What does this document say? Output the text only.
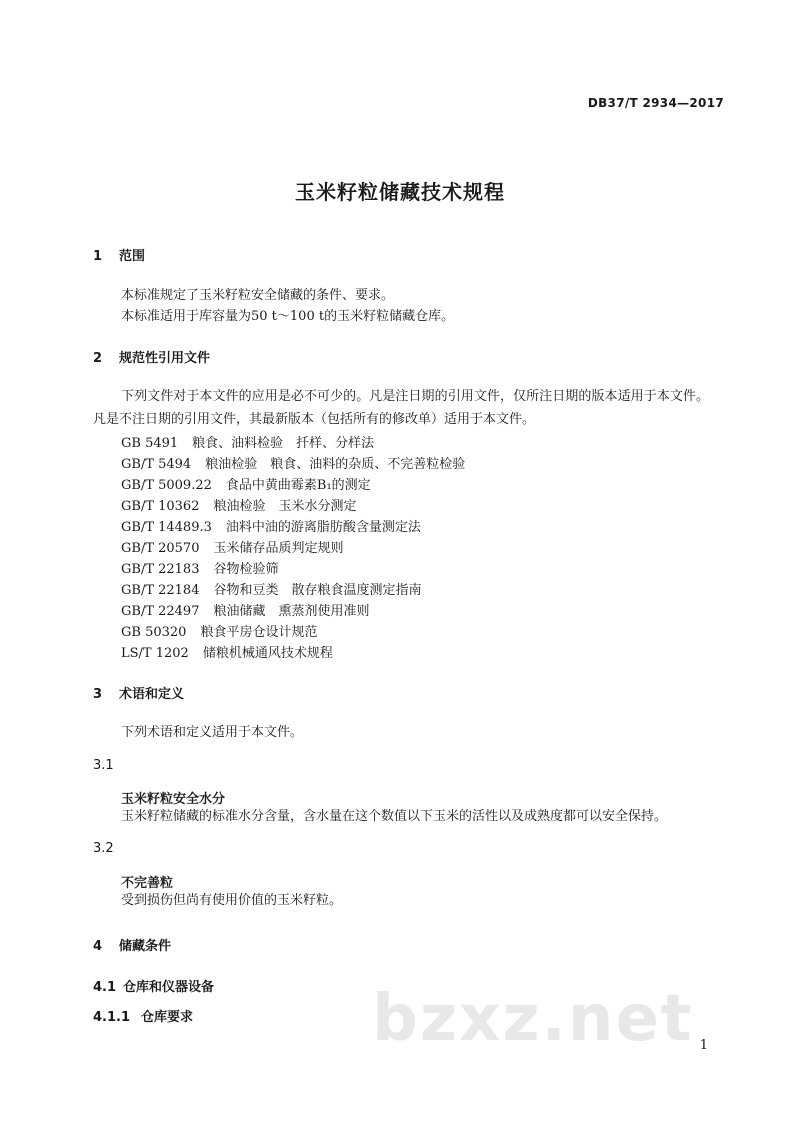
DB37/T 2934—2017
玉米籽粒储藏技术规程
1 范围
本标准规定了玉米籽粒安全储藏的条件、要求。
本标准适用于库容量为50 t～100 t的玉米籽粒储藏仓库。
2 规范性引用文件
下列文件对于本文件的应用是必不可少的。凡是注日期的引用文件，仅所注日期的版本适用于本文件。凡是不注日期的引用文件，其最新版本（包括所有的修改单）适用于本文件。
GB 5491 粮食、油料检验　扦样、分样法
GB/T 5494 粮油检验　粮食、油料的杂质、不完善粒检验
GB/T 5009.22 食品中黄曲霉素B₁的测定
GB/T 10362 粮油检验　玉米水分测定
GB/T 14489.3 油料中油的游离脂肪酸含量测定法
GB/T 20570 玉米储存品质判定规则
GB/T 22183 谷物检验筛
GB/T 22184 谷物和豆类　散存粮食温度测定指南
GB/T 22497 粮油储藏　熏蒸剂使用准则
GB 50320 粮食平房仓设计规范
LS/T 1202 储粮机械通风技术规程
3 术语和定义
下列术语和定义适用于本文件。
3.1
玉米籽粒安全水分
玉米籽粒储藏的标准水分含量，含水量在这个数值以下玉米的活性以及成熟度都可以安全保持。
3.2
不完善粒
受到损伤但尚有使用价值的玉米籽粒。
4 储藏条件
4.1 仓库和仪器设备
4.1.1 仓库要求	bzxz.net 1
